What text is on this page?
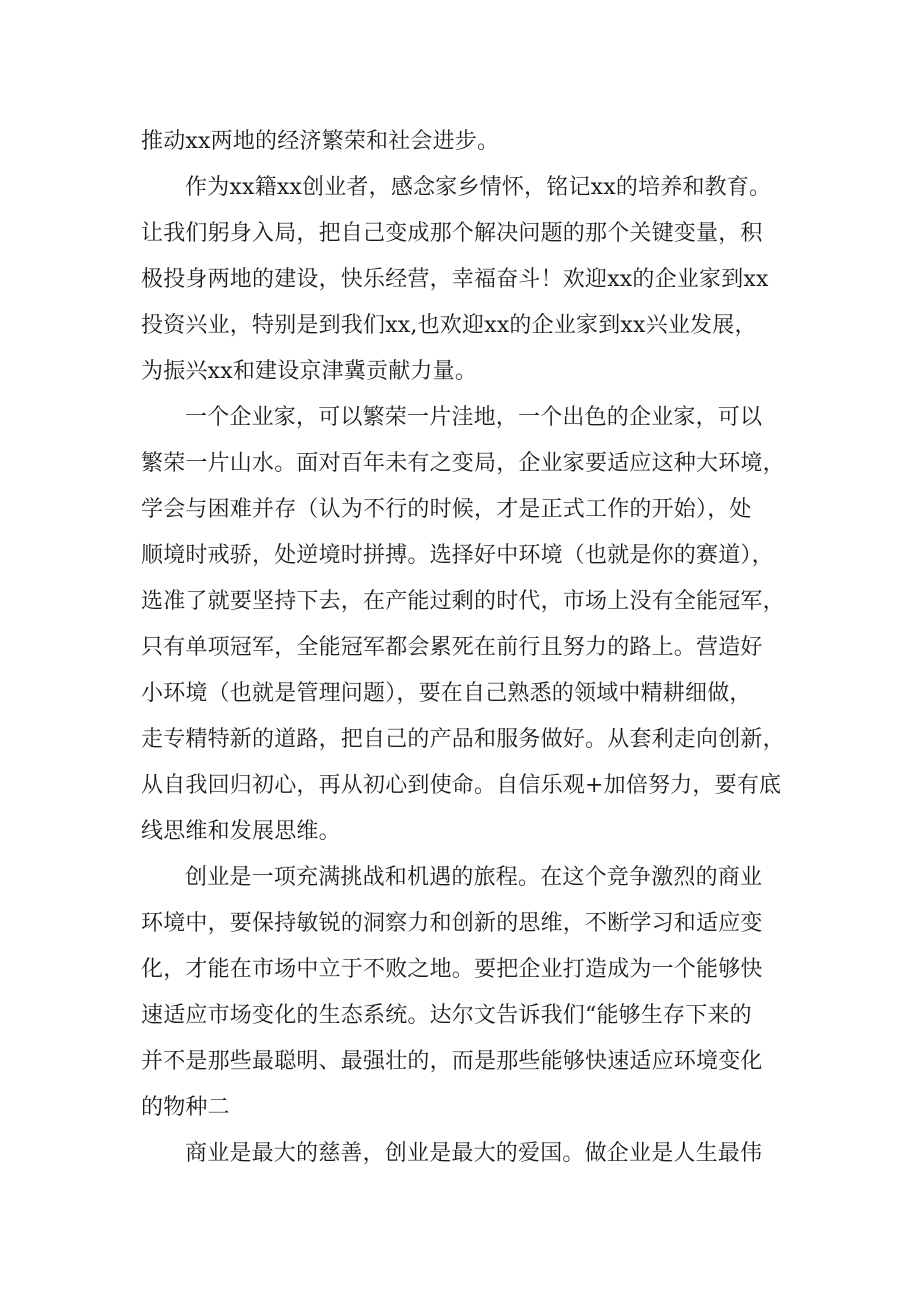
推动xx两地的经济繁荣和社会进步。
作为xx籍xx创业者，感念家乡情怀，铭记xx的培养和教育。
让我们躬身入局，把自己变成那个解决问题的那个关键变量，积
极投身两地的建设，快乐经营，幸福奋斗！欢迎xx的企业家到xx
投资兴业，特别是到我们xx,也欢迎xx的企业家到xx兴业发展，
为振兴xx和建设京津冀贡献力量。
一个企业家，可以繁荣一片洼地，一个出色的企业家，可以
繁荣一片山水。面对百年未有之变局，企业家要适应这种大环境，
学会与困难并存（认为不行的时候，才是正式工作的开始），处
顺境时戒骄，处逆境时拼搏。选择好中环境（也就是你的赛道），
选准了就要坚持下去，在产能过剩的时代，市场上没有全能冠军，
只有单项冠军，全能冠军都会累死在前行且努力的路上。营造好
小环境（也就是管理问题），要在自己熟悉的领域中精耕细做，
走专精特新的道路，把自己的产品和服务做好。从套利走向创新，
从自我回归初心，再从初心到使命。自信乐观+加倍努力，要有底
线思维和发展思维。
创业是一项充满挑战和机遇的旅程。在这个竞争激烈的商业
环境中，要保持敏锐的洞察力和创新的思维，不断学习和适应变
化，才能在市场中立于不败之地。要把企业打造成为一个能够快
速适应市场变化的生态系统。达尔文告诉我们“能够生存下来的
并不是那些最聪明、最强壮的，而是那些能够快速适应环境变化
的物种二
商业是最大的慈善，创业是最大的爱国。做企业是人生最伟
